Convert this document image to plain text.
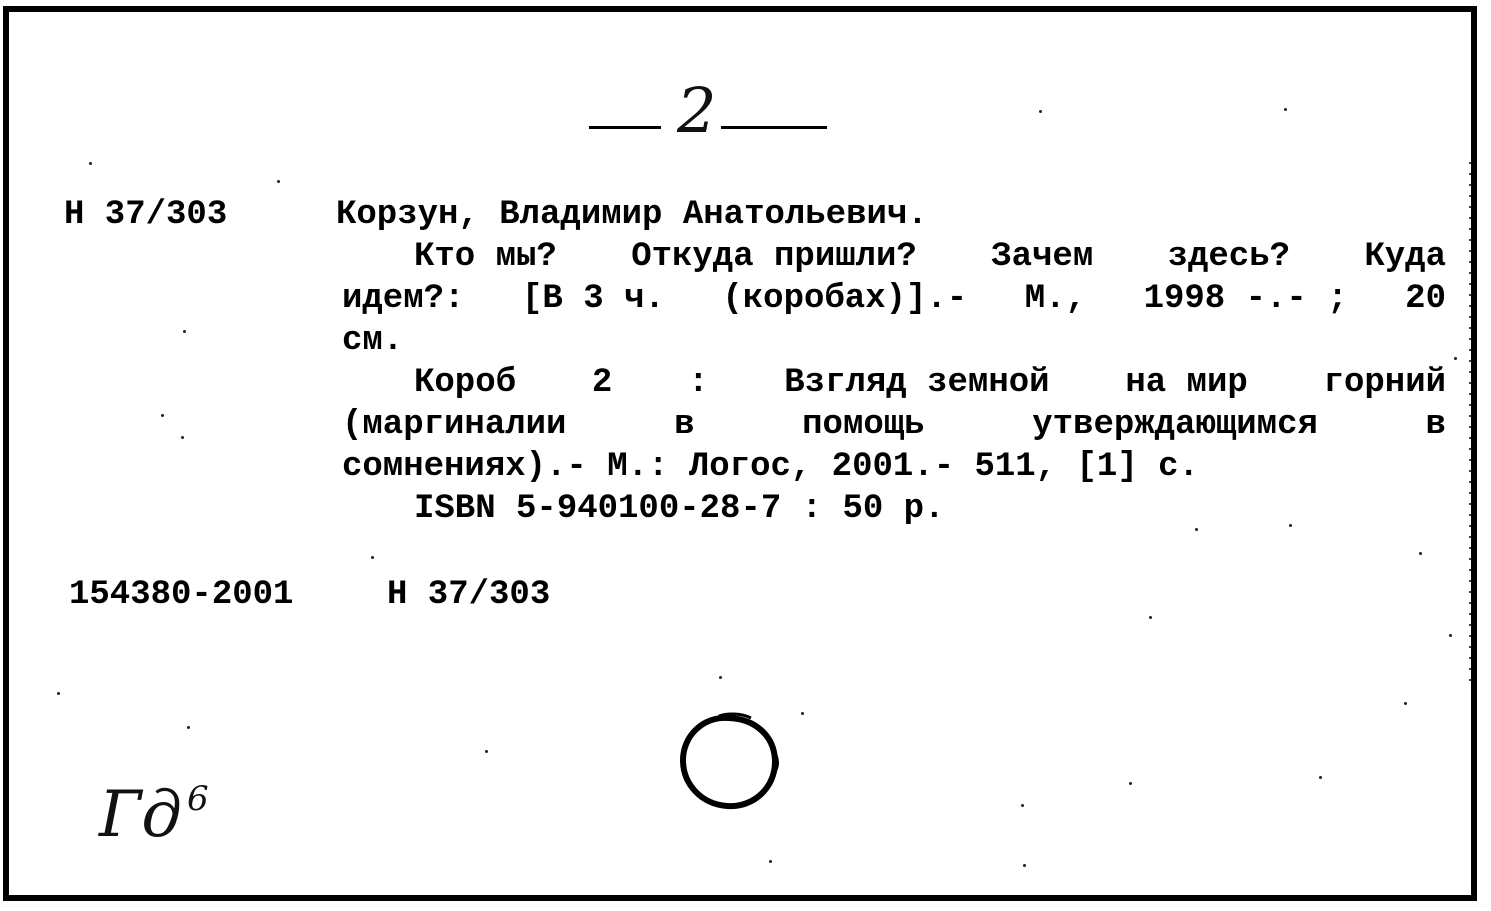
2

Н 37/303	Корзун, Владимир Анатольевич.
Кто мы? Откуда пришли? Зачем здесь? Куда
идем?: [В 3 ч. (коробах)].- М., 1998 -.- ; 20
см.
Короб 2 : Взгляд земной на мир горний
(маргиналии	в	помощь	утверждающимся	в
сомнениях).- М.: Логос, 2001.- 511, [1] с.
ISBN 5-940100-28-7 : 50 р.
154380-2001	Н 37/303
Гд 6
